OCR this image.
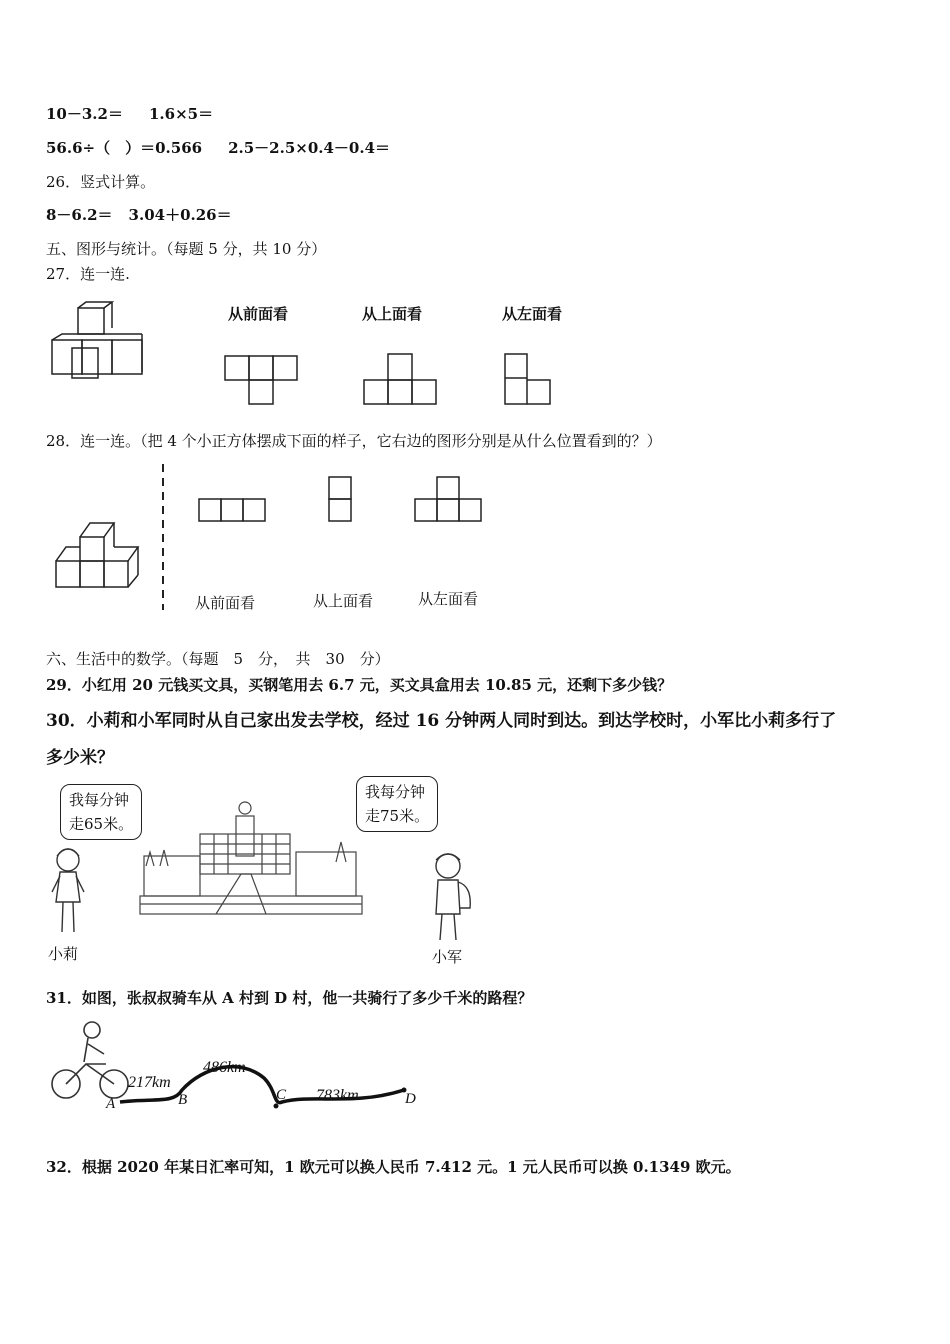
10－3.2＝ 1.6×5＝
56.6÷（　）＝0.566 2.5－2.5×0.4－0.4＝
26．竖式计算。
8－6.2＝ 3.04＋0.26＝
五、图形与统计。（每题 5 分，共 10 分）
27．连一连.
从前面看	从上面看	从左面看
28．连一连。（把 4 个小正方体摆成下面的样子，它右边的图形分别是从什么位置看到的？）
从前面看	从上面看	从左面看
六、生活中的数学。（每题　5　分，　共　30　分）
29．小红用 20 元钱买文具，买钢笔用去 6.7 元，买文具盒用去 10.85 元，还剩下多少钱？
30．小莉和小军同时从自己家出发去学校，经过 16 分钟两人同时到达。到达学校时，小军比小莉多行了
多少米？
我每分钟
走65米。
我每分钟
走75米。
小莉	小军
31．如图，张叔叔骑车从 A 村到 D 村，他一共骑行了多少千米的路程？
217km
486km
783km
A	B	C	D
32．根据 2020 年某日汇率可知，1 欧元可以换人民币 7.412 元。1 元人民币可以换 0.1349 欧元。
